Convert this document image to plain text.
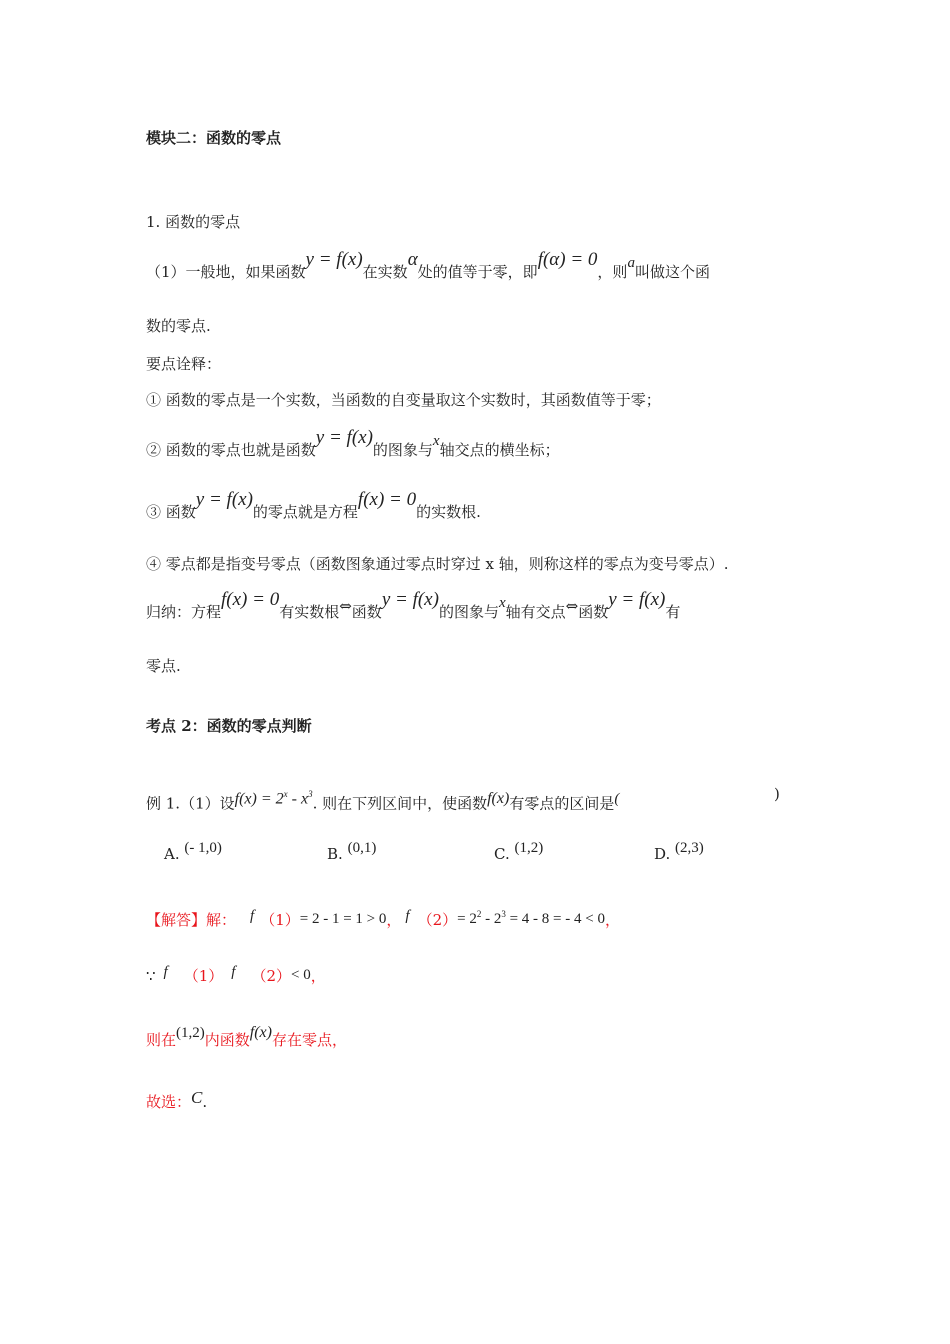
模块二：函数的零点
1. 函数的零点
（1）一般地，如果函数y = f(x)在实数α处的值等于零，即f(α) = 0，则a叫做这个函
数的零点.
要点诠释：
① 函数的零点是一个实数，当函数的自变量取这个实数时，其函数值等于零；
② 函数的零点也就是函数y = f(x)的图象与x轴交点的横坐标；
③ 函数y = f(x)的零点就是方程f(x) = 0的实数根.
④ 零点都是指变号零点（函数图象通过零点时穿过 x 轴，则称这样的零点为变号零点）.
归纳：方程f(x) = 0有实数根⇔函数y = f(x)的图象与x轴有交点⇔函数y = f(x)有
零点.
考点 2：函数的零点判断
例 1.（1）设$f(x) = 2^x - x^3$. 则在下列区间中，使函数f(x)有零点的区间是(	)
A. (- 1,0)	B. (0,1)	C. (1,2)	D. (2,3)
【解答】解： f （1）= 2 - 1 = 1 > 0， f $(2)= 2^2 - 2^3 = 4 - 8$ = - 4 < 0，
∵ f （1） f （2）< 0，
则在(1,2)内函数f(x)存在零点，
故选：C.
